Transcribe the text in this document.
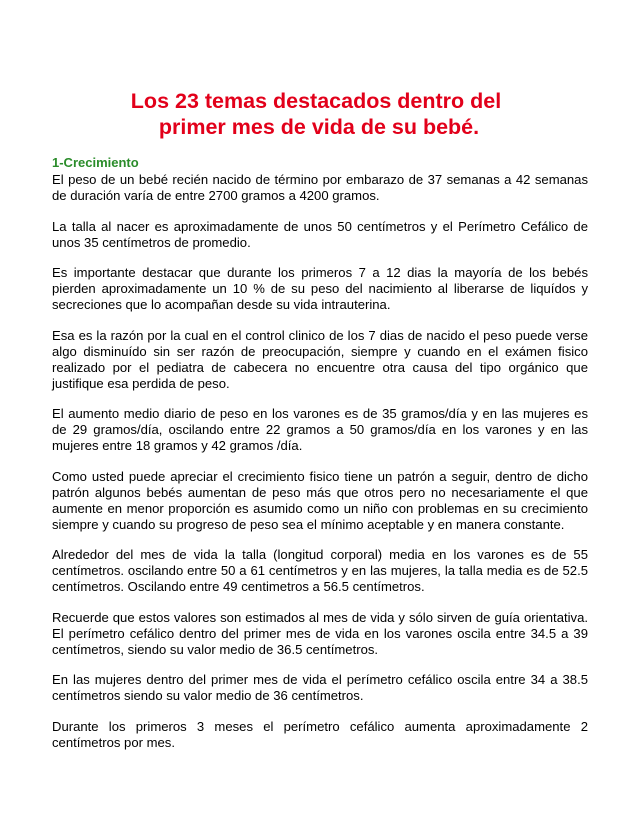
Los 23 temas destacados dentro del
primer mes de vida de su bebé.
1-Crecimiento

El peso de un bebé recién nacido de término por embarazo de 37 semanas a 42 semanas de duración varía de entre 2700 gramos a 4200 gramos.

La talla al nacer es aproximadamente de unos 50 centímetros y el Perímetro Cefálico de unos 35 centímetros de promedio.

Es importante destacar que durante los primeros 7 a 12 dias la mayoría de los bebés pierden aproximadamente un 10 % de su peso del nacimiento al liberarse de liquídos y secreciones que lo acompañan desde su vida intrauterina.

Esa es la razón por la cual en el control clinico de los 7 dias de nacido el peso puede verse algo disminuído sin ser razón de preocupación, siempre y cuando en el exámen fisico realizado por el pediatra de cabecera no encuentre otra causa del tipo orgánico que justifique esa perdida de peso.

El aumento medio diario de peso en los varones es de 35 gramos/día y en las mujeres es de 29 gramos/día, oscilando entre 22 gramos a 50 gramos/día en los varones y en las mujeres entre 18 gramos y 42 gramos /día.

Como usted puede apreciar el crecimiento fisico tiene un patrón a seguir, dentro de dicho patrón algunos bebés aumentan de peso más que otros pero no necesariamente el que aumente en menor proporción es asumido como un niño con problemas en su crecimiento siempre y cuando su progreso de peso sea el mínimo aceptable y en manera constante.

Alrededor del mes de vida la talla (longitud corporal) media en los varones es de 55 centímetros. oscilando entre 50 a 61 centímetros y en las mujeres, la talla media es de 52.5 centímetros. Oscilando entre 49 centimetros a 56.5 centímetros.

Recuerde que estos valores son estimados al mes de vida y sólo sirven de guía orientativa. El perímetro cefálico dentro del primer mes de vida en los varones oscila entre 34.5 a 39 centímetros, siendo su valor medio de 36.5 centímetros.

En las mujeres dentro del primer mes de vida el perímetro cefálico oscila entre 34 a 38.5 centímetros siendo su valor medio de 36 centímetros.

Durante los primeros 3 meses el perímetro cefálico aumenta aproximadamente 2 centímetros por mes.
